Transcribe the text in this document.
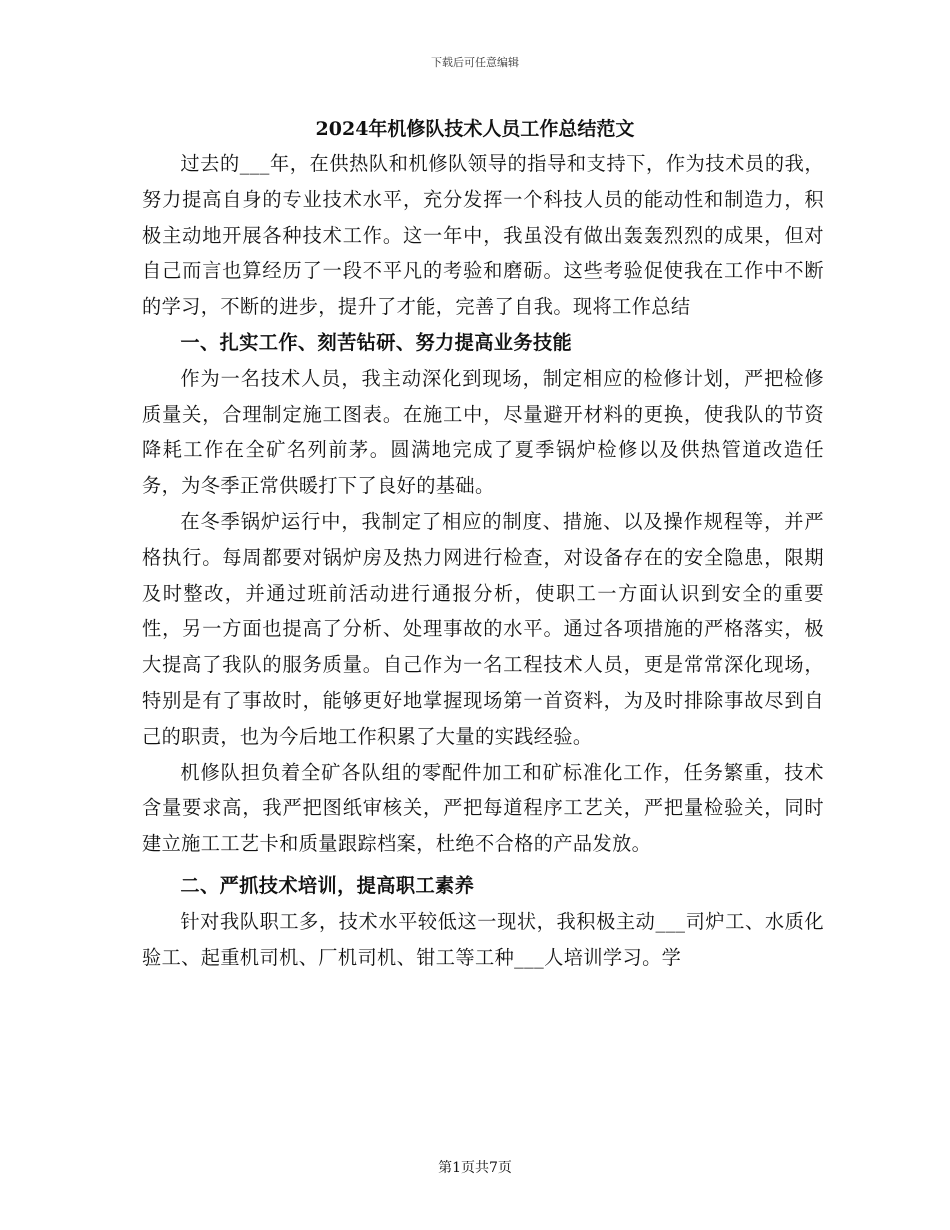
下载后可任意编辑
2024年机修队技术人员工作总结范文

过去的___年，在供热队和机修队领导的指导和支持下，作为技术员的我，努力提高自身的专业技术水平，充分发挥一个科技人员的能动性和制造力，积极主动地开展各种技术工作。这一年中，我虽没有做出轰轰烈烈的成果，但对自己而言也算经历了一段不平凡的考验和磨砺。这些考验促使我在工作中不断的学习，不断的进步，提升了才能，完善了自我。现将工作总结

一、扎实工作、刻苦钻研、努力提高业务技能

作为一名技术人员，我主动深化到现场，制定相应的检修计划，严把检修质量关，合理制定施工图表。在施工中，尽量避开材料的更换，使我队的节资降耗工作在全矿名列前茅。圆满地完成了夏季锅炉检修以及供热管道改造任务，为冬季正常供暖打下了良好的基础。

在冬季锅炉运行中，我制定了相应的制度、措施、以及操作规程等，并严格执行。每周都要对锅炉房及热力网进行检查，对设备存在的安全隐患，限期及时整改，并通过班前活动进行通报分析，使职工一方面认识到安全的重要性，另一方面也提高了分析、处理事故的水平。通过各项措施的严格落实，极大提高了我队的服务质量。自己作为一名工程技术人员，更是常常深化现场，特别是有了事故时，能够更好地掌握现场第一首资料，为及时排除事故尽到自己的职责，也为今后地工作积累了大量的实践经验。

机修队担负着全矿各队组的零配件加工和矿标准化工作，任务繁重，技术含量要求高，我严把图纸审核关，严把每道程序工艺关，严把量检验关，同时建立施工工艺卡和质量跟踪档案，杜绝不合格的产品发放。

二、严抓技术培训，提高职工素养

针对我队职工多，技术水平较低这一现状，我积极主动___司炉工、水质化验工、起重机司机、厂机司机、钳工等工种___人培训学习。学

第1页共7页
